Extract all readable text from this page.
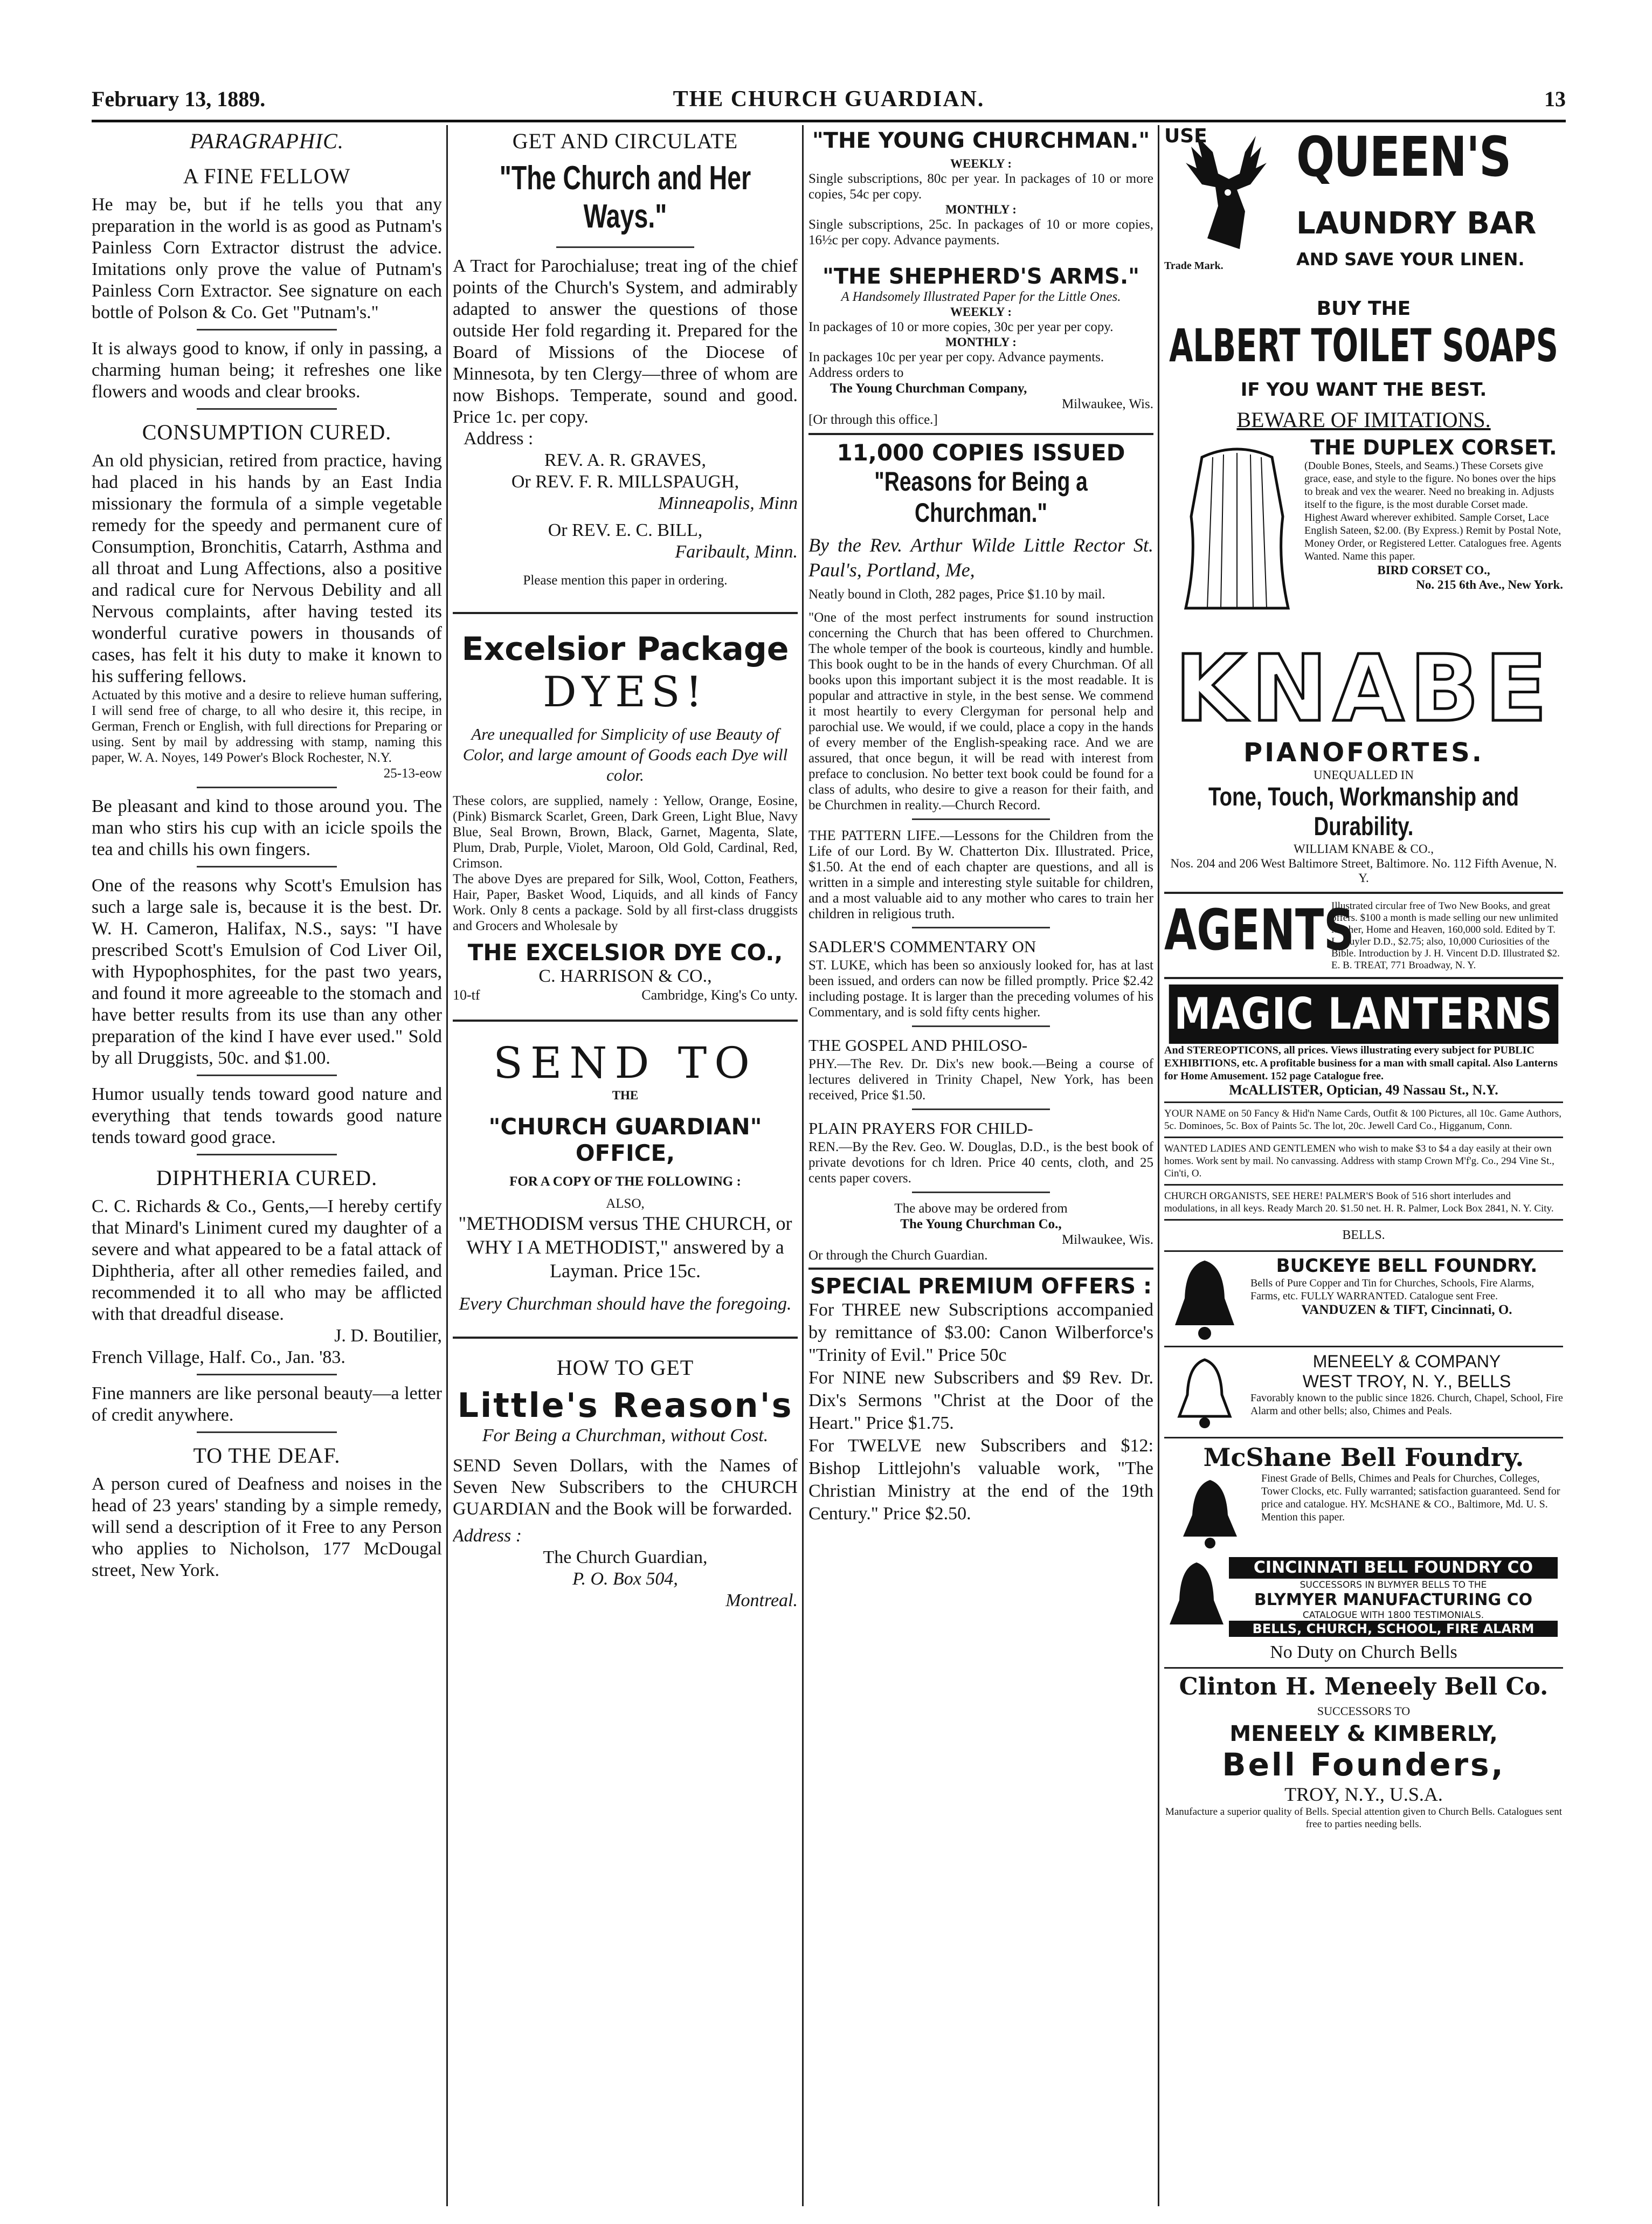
February 13, 1889.	THE CHURCH GUARDIAN.	13
PARAGRAPHIC.
A FINE FELLOW

He may be, but if he tells you that any preparation in the world is as good as Putnam's Painless Corn Extractor distrust the advice. Imitations only prove the value of Putnam's Painless Corn Extractor. See signature on each bottle of Polson & Co. Get "Putnam's."

It is always good to know, if only in passing, a charming human being; it refreshes one like flowers and woods and clear brooks.

CONSUMPTION CURED.

An old physician, retired from practice, having had placed in his hands by an East India missionary the formula of a simple vegetable remedy for the speedy and permanent cure of Consumption, Bronchitis, Catarrh, Asthma and all throat and Lung Affections, also a positive and radical cure for Nervous Debility and all Nervous complaints, after having tested its wonderful curative powers in thousands of cases, has felt it his duty to make it known to his suffering fellows.

Actuated by this motive and a desire to relieve human suffering, I will send free of charge, to all who desire it, this recipe, in German, French or English, with full directions for Preparing or using. Sent by mail by addressing with stamp, naming this paper, W. A. Noyes, 149 Power's Block Rochester, N.Y.

25-13-eow

Be pleasant and kind to those around you. The man who stirs his cup with an icicle spoils the tea and chills his own fingers.

One of the reasons why Scott's Emulsion has such a large sale is, because it is the best. Dr. W. H. Cameron, Halifax, N.S., says: "I have prescribed Scott's Emulsion of Cod Liver Oil, with Hypophosphites, for the past two years, and found it more agreeable to the stomach and have better results from its use than any other preparation of the kind I have ever used." Sold by all Druggists, 50c. and $1.00.

Humor usually tends toward good nature and everything that tends towards good nature tends toward good grace.

DIPHTHERIA CURED.

C. C. Richards & Co., Gents,—I hereby certify that Minard's Liniment cured my daughter of a severe and what appeared to be a fatal attack of Diphtheria, after all other remedies failed, and recommended it to all who may be afflicted with that dreadful disease.

J. D. Boutilier,

French Village, Half. Co., Jan. '83.

Fine manners are like personal beauty—a letter of credit anywhere.

TO THE DEAF.

A person cured of Deafness and noises in the head of 23 years' standing by a simple remedy, will send a description of it Free to any Person who applies to Nicholson, 177 McDougal street, New York.

GET AND CIRCULATE
"The Church and Her Ways."

A Tract for Parochialuse; treat ing of the chief points of the Church's System, and admirably adapted to answer the questions of those outside Her fold regarding it. Prepared for the Board of Missions of the Diocese of Minnesota, by ten Clergy—three of whom are now Bishops. Temperate, sound and good. Price 1c. per copy.

Address :

REV. A. R. GRAVES,

Or REV. F. R. MILLSPAUGH,

Minneapolis, Minn

Or REV. E. C. BILL,

Faribault, Minn.

Please mention this paper in ordering.

Excelsior Package
DYES!

Are unequalled for Simplicity of use Beauty of Color, and large amount of Goods each Dye will color.

These colors, are supplied, namely : Yellow, Orange, Eosine, (Pink) Bismarck Scarlet, Green, Dark Green, Light Blue, Navy Blue, Seal Brown, Brown, Black, Garnet, Magenta, Slate, Plum, Drab, Purple, Violet, Maroon, Old Gold, Cardinal, Red, Crimson.

The above Dyes are prepared for Silk, Wool, Cotton, Feathers, Hair, Paper, Basket Wood, Liquids, and all kinds of Fancy Work. Only 8 cents a package. Sold by all first-class druggists and Grocers and Wholesale by

THE EXCELSIOR DYE CO.,

C. HARRISON & CO.,

10-tf	Cambridge, King's Co unty.
SEND TO
THE
"CHURCH GUARDIAN" OFFICE,

FOR A COPY OF THE FOLLOWING :

ALSO,

"METHODISM versus THE CHURCH, or WHY I A METHODIST," answered by a Layman. Price 15c.

Every Churchman should have the foregoing.

HOW TO GET
Little's Reason's

For Being a Churchman, without Cost.

SEND Seven Dollars, with the Names of Seven New Subscribers to the CHURCH GUARDIAN and the Book will be forwarded.

Address :

The Church Guardian,

P. O. Box 504,

Montreal.

"THE YOUNG CHURCHMAN."

WEEKLY :

Single subscriptions, 80c per year. In packages of 10 or more copies, 54c per copy.

MONTHLY :

Single subscriptions, 25c. In packages of 10 or more copies, 16½c per copy. Advance payments.

"THE SHEPHERD'S ARMS."

A Handsomely Illustrated Paper for the Little Ones.

WEEKLY :

In packages of 10 or more copies, 30c per year per copy.

MONTHLY :

In packages 10c per year per copy. Advance payments.

Address orders to

The Young Churchman Company,

Milwaukee, Wis.

[Or through this office.]

11,000 COPIES ISSUED
"Reasons for Being a Churchman."

By the Rev. Arthur Wilde Little Rector St. Paul's, Portland, Me,

Neatly bound in Cloth, 282 pages, Price $1.10 by mail.

"One of the most perfect instruments for sound instruction concerning the Church that has been offered to Churchmen. The whole temper of the book is courteous, kindly and humble. This book ought to be in the hands of every Churchman. Of all books upon this important subject it is the most readable. It is popular and attractive in style, in the best sense. We commend it most heartily to every Clergyman for personal help and parochial use. We would, if we could, place a copy in the hands of every member of the English-speaking race. And we are assured, that once begun, it will be read with interest from preface to conclusion. No better text book could be found for a class of adults, who desire to give a reason for their faith, and be Churchmen in reality.—Church Record.

THE PATTERN LIFE.—Lessons for the Children from the Life of our Lord. By W. Chatterton Dix. Illustrated. Price, $1.50. At the end of each chapter are questions, and all is written in a simple and interesting style suitable for children, and a most valuable aid to any mother who cares to train her children in religious truth.

SADLER'S COMMENTARY ON

ST. LUKE, which has been so anxiously looked for, has at last been issued, and orders can now be filled promptly. Price $2.42 including postage. It is larger than the preceding volumes of his Commentary, and is sold fifty cents higher.

THE GOSPEL AND PHILOSO-

PHY.—The Rev. Dr. Dix's new book.—Being a course of lectures delivered in Trinity Chapel, New York, has been received, Price $1.50.

PLAIN PRAYERS FOR CHILD-

REN.—By the Rev. Geo. W. Douglas, D.D., is the best book of private devotions for ch ldren. Price 40 cents, cloth, and 25 cents paper covers.

The above may be ordered from

The Young Churchman Co.,

Milwaukee, Wis.

Or through the Church Guardian.

SPECIAL PREMIUM OFFERS :

For THREE new Subscriptions accompanied by remittance of $3.00: Canon Wilberforce's "Trinity of Evil." Price 50c

For NINE new Subscribers and $9 Rev. Dr. Dix's Sermons "Christ at the Door of the Heart." Price $1.75.

For TWELVE new Subscribers and $12: Bishop Littlejohn's valuable work, "The Christian Ministry at the end of the 19th Century." Price $2.50.

USE QUEEN'S
LAUNDRY BAR
AND SAVE YOUR LINEN.
Trade Mark.
BUY THE
ALBERT TOILET SOAPS
IF YOU WANT THE BEST.
BEWARE OF IMITATIONS.
THE DUPLEX CORSET.

(Double Bones, Steels, and Seams.) These Corsets give grace, ease, and style to the figure. No bones over the hips to break and vex the wearer. Need no breaking in. Adjusts itself to the figure, is the most durable Corset made. Highest Award wherever exhibited. Sample Corset, Lace English Sateen, $2.00. (By Express.) Remit by Postal Note, Money Order, or Registered Letter. Catalogues free. Agents Wanted. Name this paper.

BIRD CORSET CO.,

No. 215 6th Ave., New York.

KNABE
PIANOFORTES.
UNEQUALLED IN
Tone, Touch, Workmanship and Durability.
WILLIAM KNABE & CO.,
Nos. 204 and 206 West Baltimore Street, Baltimore. No. 112 Fifth Avenue, N. Y.
AGENTS

Illustrated circular free of Two New Books, and great offers. $100 a month is made selling our new unlimited Mother, Home and Heaven, 160,000 sold. Edited by T. L. Cuyler D.D., $2.75; also, 10,000 Curiosities of the Bible. Introduction by J. H. Vincent D.D. Illustrated $2. E. B. TREAT, 771 Broadway, N. Y.

MAGIC LANTERNS

And STEREOPTICONS, all prices. Views illustrating every subject for PUBLIC EXHIBITIONS, etc. A profitable business for a man with small capital. Also Lanterns for Home Amusement. 152 page Catalogue free.

McALLISTER, Optician, 49 Nassau St., N.Y.

YOUR NAME on 50 Fancy & Hid'n Name Cards, Outfit & 100 Pictures, all 10c. Game Authors, 5c. Dominoes, 5c. Box of Paints 5c. The lot, 20c. Jewell Card Co., Higganum, Conn.

WANTED LADIES AND GENTLEMEN who wish to make $3 to $4 a day easily at their own homes. Work sent by mail. No canvassing. Address with stamp Crown M'f'g. Co., 294 Vine St., Cin'ti, O.

CHURCH ORGANISTS, SEE HERE! PALMER'S Book of 516 short interludes and modulations, in all keys. Ready March 20. $1.50 net. H. R. Palmer, Lock Box 2841, N. Y. City.

BELLS.
BUCKEYE BELL FOUNDRY.

Bells of Pure Copper and Tin for Churches, Schools, Fire Alarms, Farms, etc. FULLY WARRANTED. Catalogue sent Free.

VANDUZEN & TIFT, Cincinnati, O.

MENEELY & COMPANY
WEST TROY, N. Y., BELLS

Favorably known to the public since 1826. Church, Chapel, School, Fire Alarm and other bells; also, Chimes and Peals.

McShane Bell Foundry.

Finest Grade of Bells, Chimes and Peals for Churches, Colleges, Tower Clocks, etc. Fully warranted; satisfaction guaranteed. Send for price and catalogue. HY. McSHANE & CO., Baltimore, Md. U. S. Mention this paper.

CINCINNATI BELL FOUNDRY CO
SUCCESSORS IN BLYMYER BELLS TO THE
BLYMYER MANUFACTURING CO
CATALOGUE WITH 1800 TESTIMONIALS.
BELLS, CHURCH, SCHOOL, FIRE ALARM
No Duty on Church Bells
Clinton H. Meneely Bell Co.
SUCCESSORS TO
MENEELY & KIMBERLY,
Bell Founders,
TROY, N.Y., U.S.A.

Manufacture a superior quality of Bells. Special attention given to Church Bells. Catalogues sent free to parties needing bells.
